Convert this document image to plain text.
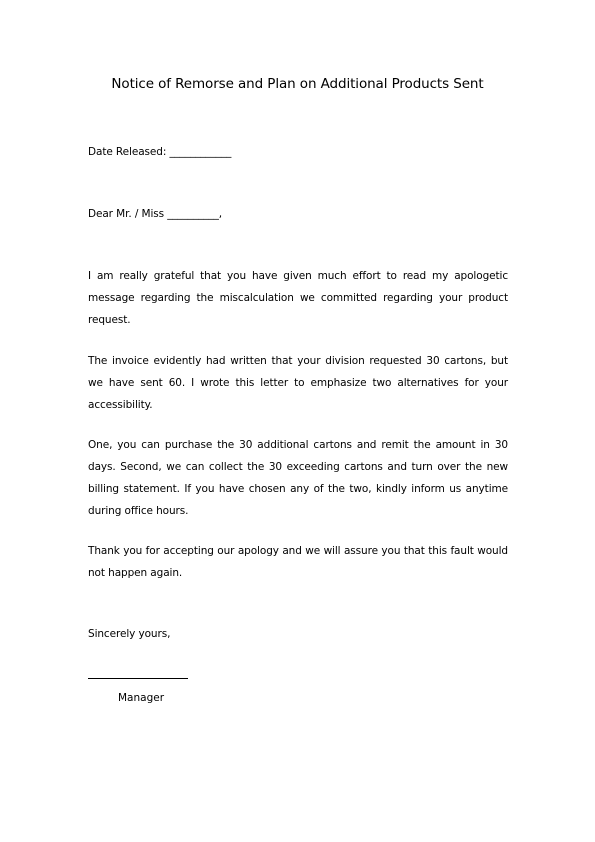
Notice of Remorse and Plan on Additional Products Sent
Date Released: ____________
Dear Mr. / Miss __________,
I am really grateful that you have given much effort to read my apologetic message regarding the miscalculation we committed regarding your product request.
The invoice evidently had written that your division requested 30 cartons, but we have sent 60. I wrote this letter to emphasize two alternatives for your accessibility.
One, you can purchase the 30 additional cartons and remit the amount in 30 days. Second, we can collect the 30 exceeding cartons and turn over the new billing statement. If you have chosen any of the two, kindly inform us anytime during office hours.
Thank you for accepting our apology and we will assure you that this fault would not happen again.
Sincerely yours,
Manager
